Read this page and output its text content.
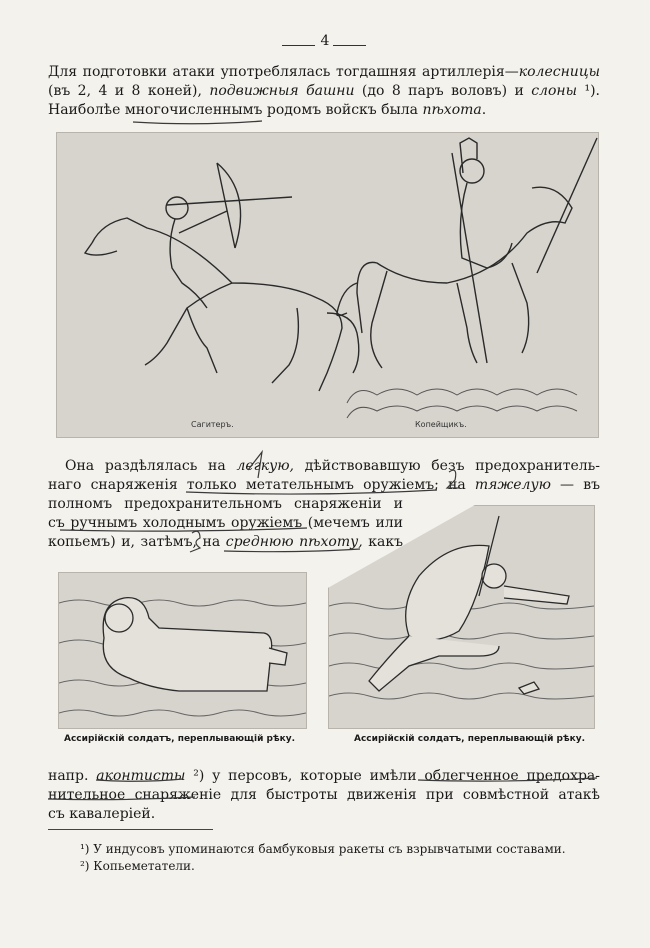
4
Для подготовки атаки употреблялась тогдашняя артиллерія—колесницы
(въ 2, 4 и 8 коней), подвижныя башни (до 8 паръ воловъ) и слоны ¹).
Наиболѣе многочисленнымъ родомъ войскъ была пѣхота.
Сагитеръ.	Копейщикъ.
Она раздѣлялась на легкую, дѣйствовавшую безъ предохранитель-
наго снаряженія только метательнымъ оружіемъ; на тяжелую — въ
полномъ предохранительномъ снаряженіи и
съ ручнымъ холоднымъ оружіемъ (мечемъ или
копьемъ) и, затѣмъ, на среднюю пѣхоту, какъ
Ассирійскій солдатъ, переплывающій рѣку.	Ассирійскій солдатъ, переплывающій рѣку.
напр. аконтисты ²) у персовъ, которые имѣли облегченное предохра-
нительное снаряженіе для быстроты движенія при совмѣстной атакѣ
съ кавалеріей.
¹) У индусовъ упоминаются бамбуковыя ракеты съ взрывчатыми составами.
²) Копьеметатели.
